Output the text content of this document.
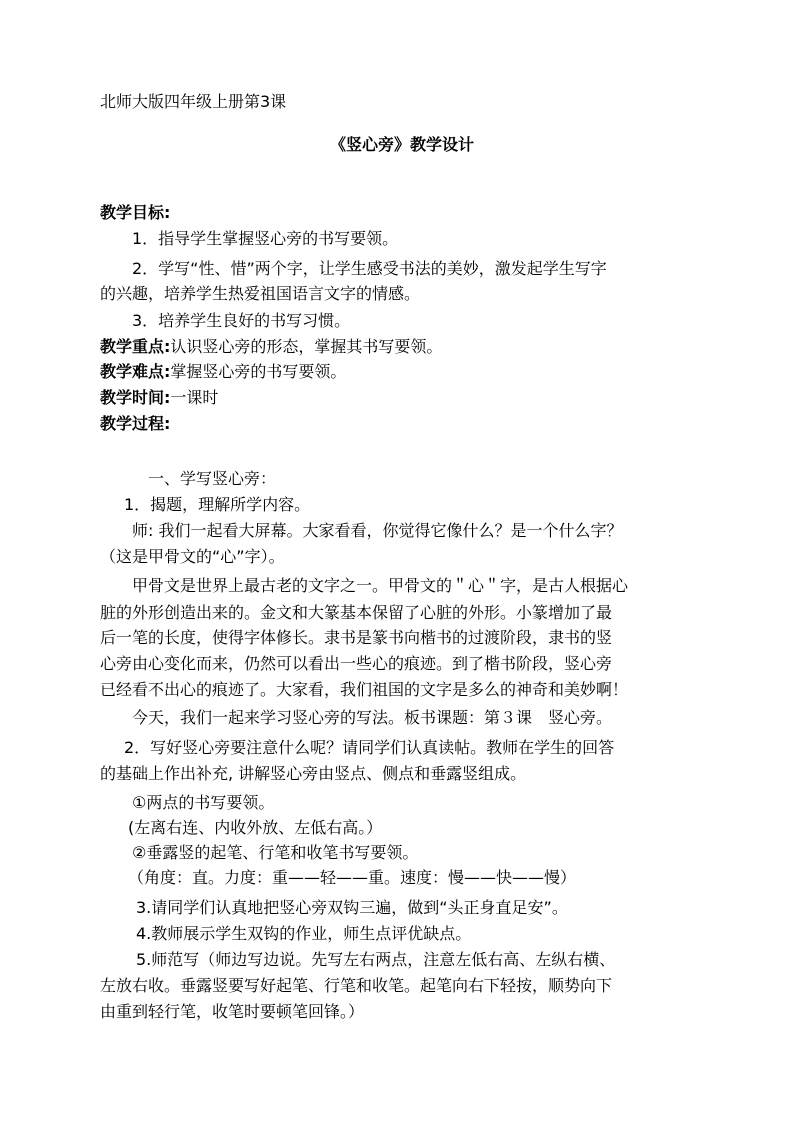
北师大版四年级上册第3课
《竖心旁》教学设计
教学目标:
1．指导学生掌握竖心旁的书写要领。
2．学写“性、惜”两个字，让学生感受书法的美妙，激发起学生写字
的兴趣，培养学生热爱祖国语言文字的情感。
3．培养学生良好的书写习惯。
教学重点:认识竖心旁的形态，掌握其书写要领。
教学难点:掌握竖心旁的书写要领。
教学时间:一课时
教学过程:
一、学写竖心旁：
1．揭题，理解所学内容。
师: 我们一起看大屏幕。大家看看，你觉得它像什么？是一个什么字？
（这是甲骨文的“心”字）。
甲骨文是世界上最古老的文字之一。甲骨文的＂心＂字，是古人根据心
脏的外形创造出来的。金文和大篆基本保留了心脏的外形。小篆增加了最
后一笔的长度，使得字体修长。隶书是篆书向楷书的过渡阶段，隶书的竖
心旁由心变化而来，仍然可以看出一些心的痕迹。到了楷书阶段，竖心旁
已经看不出心的痕迹了。大家看，我们祖国的文字是多么的神奇和美妙啊！
今天，我们一起来学习竖心旁的写法。板书课题：第３课　竖心旁。
2．写好竖心旁要注意什么呢？请同学们认真读帖。教师在学生的回答
的基础上作出补充, 讲解竖心旁由竖点、侧点和垂露竖组成。
①两点的书写要领。
(左离右连、内收外放、左低右高。）
②垂露竖的起笔、行笔和收笔书写要领。
（角度：直。力度：重——轻——重。速度：慢——快——慢）
3.请同学们认真地把竖心旁双钩三遍，做到“头正身直足安”。
4.教师展示学生双钩的作业，师生点评优缺点。
5.师范写（师边写边说。先写左右两点，注意左低右高、左纵右横、
左放右收。垂露竖要写好起笔、行笔和收笔。起笔向右下轻按，顺势向下
由重到轻行笔，收笔时要顿笔回锋。）
